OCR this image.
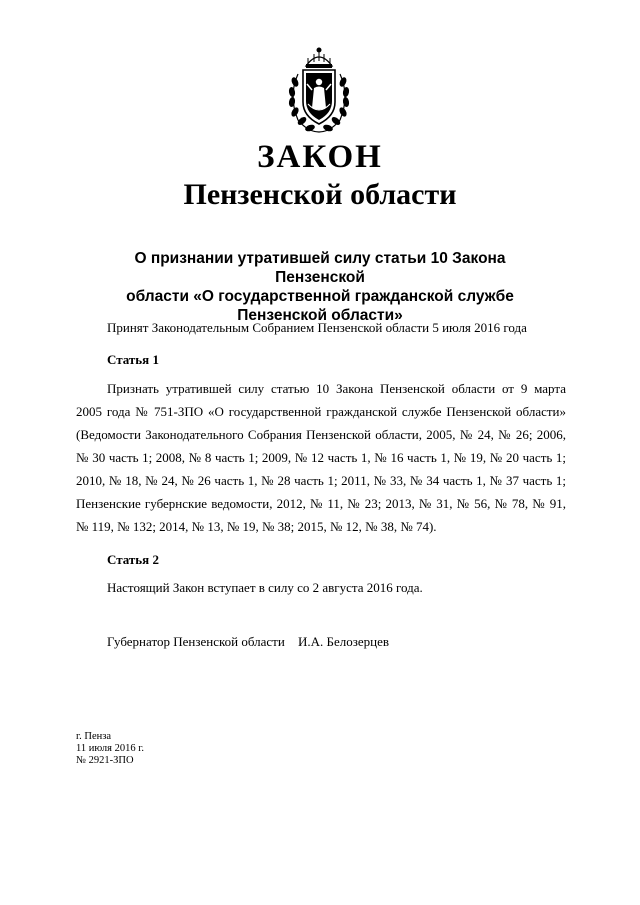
ЗАКОН
Пензенской области
О признании утратившей силу статьи 10 Закона Пензенской
области «О государственной гражданской службе
Пензенской области»
Принят Законодательным Собранием Пензенской области 5 июля 2016 года
Статья 1
Признать утратившей силу статью 10 Закона Пензенской области от 9 марта
2005 года № 751-ЗПО «О государственной гражданской службе Пензенской области»
(Ведомости Законодательного Собрания Пензенской области, 2005, № 24, № 26; 2006,
№ 30 часть 1; 2008, № 8 часть 1; 2009, № 12 часть 1, № 16 часть 1, № 19, № 20 часть 1;
2010, № 18, № 24, № 26 часть 1, № 28 часть 1; 2011, № 33, № 34 часть 1, № 37 часть 1;
Пензенские губернские ведомости, 2012, № 11, № 23; 2013, № 31, № 56, № 78, № 91,
№ 119, № 132; 2014, № 13, № 19, № 38; 2015, № 12, № 38, № 74).
Статья 2
Настоящий Закон вступает в силу со 2 августа 2016 года.
Губернатор Пензенской области И.А. Белозерцев
г. Пенза
11 июля 2016 г.
№ 2921-ЗПО
